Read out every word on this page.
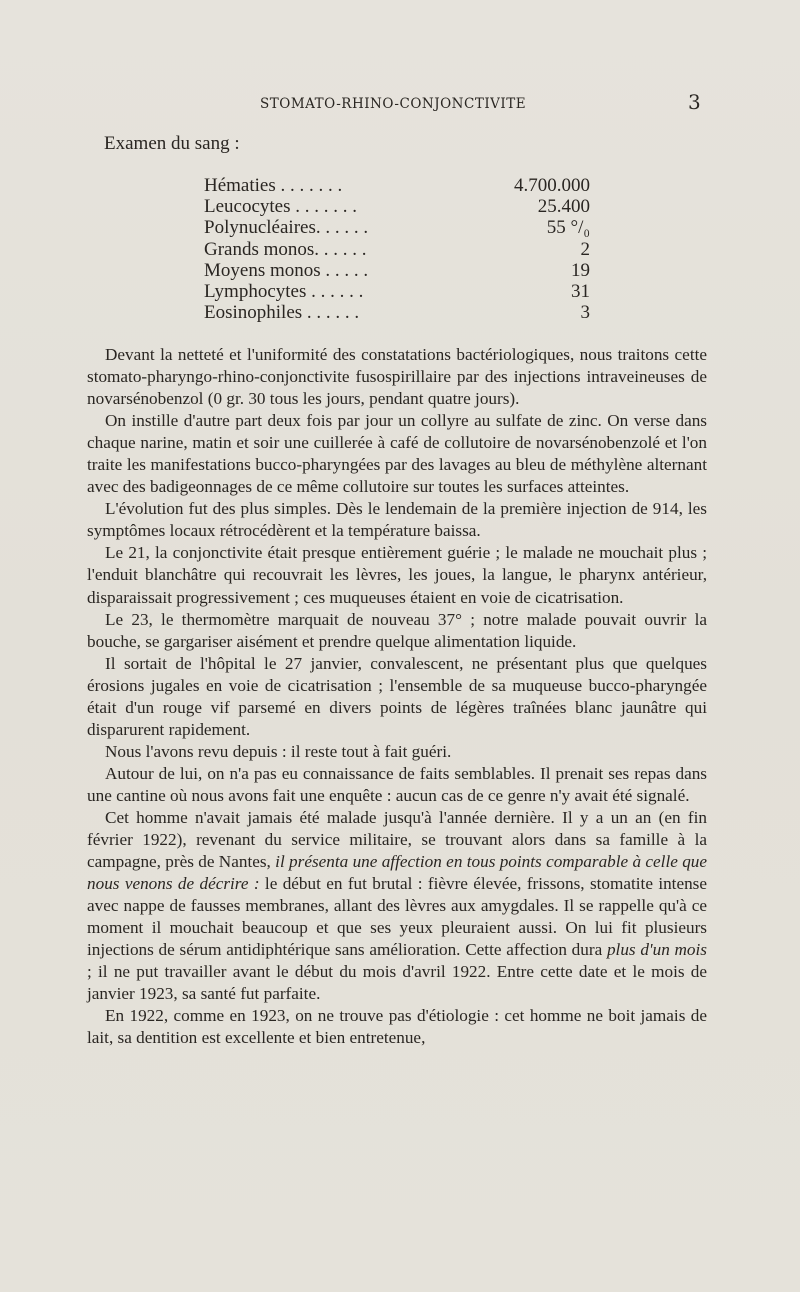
STOMATO-RHINO-CONJONCTIVITE	3
Examen du sang :
Hématies . . . . . . .	4.700.000
Leucocytes . . . . . . .	25.400
Polynucléaires. . . . . .	55 °/₀
Grands monos. . . . . .	2
Moyens monos . . . . .	19
Lymphocytes . . . . . .	31
Eosinophiles . . . . . .	3

Devant la netteté et l'uniformité des constatations bactériologiques, nous traitons cette stomato-pharyngo-rhino-conjonctivite fusospirillaire par des injections intraveineuses de novarsénobenzol (0 gr. 30 tous les jours, pendant quatre jours).

On instille d'autre part deux fois par jour un collyre au sulfate de zinc. On verse dans chaque narine, matin et soir une cuillerée à café de collutoire de novarsénobenzolé et l'on traite les manifestations bucco-pharyngées par des lavages au bleu de méthylène alternant avec des badigeonnages de ce même collutoire sur toutes les surfaces atteintes.

L'évolution fut des plus simples. Dès le lendemain de la première injection de 914, les symptômes locaux rétrocédèrent et la température baissa.

Le 21, la conjonctivite était presque entièrement guérie ; le malade ne mouchait plus ; l'enduit blanchâtre qui recouvrait les lèvres, les joues, la langue, le pharynx antérieur, disparaissait progressivement ; ces muqueuses étaient en voie de cicatrisation.

Le 23, le thermomètre marquait de nouveau 37° ; notre malade pouvait ouvrir la bouche, se gargariser aisément et prendre quelque alimentation liquide.

Il sortait de l'hôpital le 27 janvier, convalescent, ne présentant plus que quelques érosions jugales en voie de cicatrisation ; l'ensemble de sa muqueuse bucco-pharyngée était d'un rouge vif parsemé en divers points de légères traînées blanc jaunâtre qui disparurent rapidement.

Nous l'avons revu depuis : il reste tout à fait guéri.

Autour de lui, on n'a pas eu connaissance de faits semblables. Il prenait ses repas dans une cantine où nous avons fait une enquête : aucun cas de ce genre n'y avait été signalé.

Cet homme n'avait jamais été malade jusqu'à l'année dernière. Il y a un an (en fin février 1922), revenant du service militaire, se trouvant alors dans sa famille à la campagne, près de Nantes, il présenta une affection en tous points comparable à celle que nous venons de décrire : le début en fut brutal : fièvre élevée, frissons, stomatite intense avec nappe de fausses membranes, allant des lèvres aux amygdales. Il se rappelle qu'à ce moment il mouchait beaucoup et que ses yeux pleuraient aussi. On lui fit plusieurs injections de sérum antidiphtérique sans amélioration. Cette affection dura plus d'un mois ; il ne put travailler avant le début du mois d'avril 1922. Entre cette date et le mois de janvier 1923, sa santé fut parfaite.

En 1922, comme en 1923, on ne trouve pas d'étiologie : cet homme ne boit jamais de lait, sa dentition est excellente et bien entretenue,
